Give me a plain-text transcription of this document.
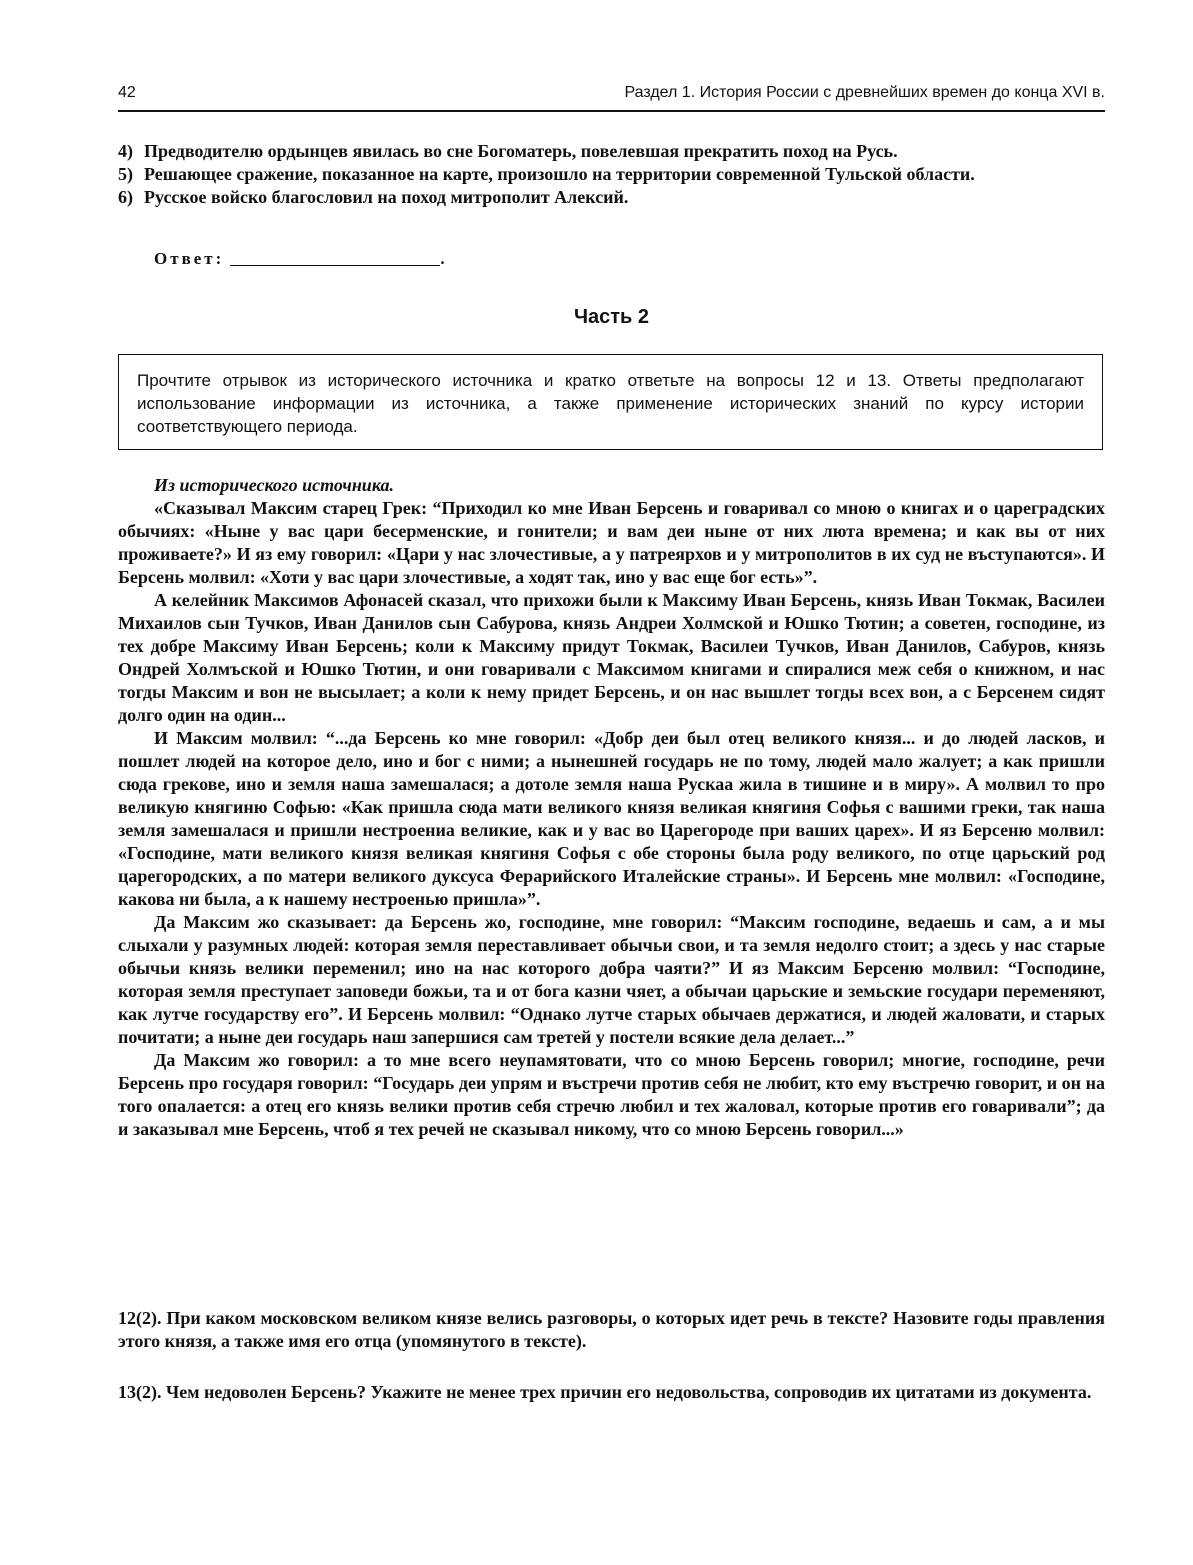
42	Раздел 1. История России с древнейших времен до конца XVI в.
4) Предводителю ордынцев явилась во сне Богоматерь, повелевшая прекратить поход на Русь.
5) Решающее сражение, показанное на карте, произошло на территории современной Тульской области.
6) Русское войско благословил на поход митрополит Алексий.
Ответ:	.
Часть 2
Прочтите отрывок из исторического источника и кратко ответьте на вопросы 12 и 13. Ответы предполагают использование информации из источника, а также применение исторических знаний по курсу истории соответствующего периода.

Из исторического источника.

«Сказывал Максим старец Грек: “Приходил ко мне Иван Берсень и говаривал со мною о книгах и о цареградских обычиях: «Ныне у вас цари бесерменские, и гонители; и вам деи ныне от них люта времена; и как вы от них проживаете?» И яз ему говорил: «Цари у нас злочестивые, а у патреярхов и у митрополитов в их суд не въступаются». И Берсень молвил: «Хоти у вас цари злочестивые, а ходят так, ино у вас еще бог есть»”.

А келейник Максимов Афонасей сказал, что прихожи были к Максиму Иван Берсень, князь Иван Токмак, Василеи Михаилов сын Тучков, Иван Данилов сын Сабурова, князь Андреи Холмской и Юшко Тютин; а советен, господине, из тех добре Максиму Иван Берсень; коли к Максиму придут Токмак, Василеи Тучков, Иван Данилов, Сабуров, князь Ондрей Холмъской и Юшко Тютин, и они говаривали с Максимом книгами и спиралися меж себя о книжном, и нас тогды Максим и вон не высылает; а коли к нему придет Берсень, и он нас вышлет тогды всех вон, а с Берсенем сидят долго один на один...

И Максим молвил: “...да Берсень ко мне говорил: «Добр деи был отец великого князя... и до людей ласков, и пошлет людей на которое дело, ино и бог с ними; а нынешней государь не по тому, людей мало жалует; а как пришли сюда грекове, ино и земля наша замешалася; а дотоле земля наша Рускаа жила в тишине и в миру». А молвил то про великую княгиню Софью: «Как пришла сюда мати великого князя великая княгиня Софья с вашими греки, так наша земля замешалася и пришли нестроениа великие, как и у вас во Цaрегороде при ваших царех». И яз Берсеню молвил: «Господине, мати великого князя великая княгиня Софья с обе стороны была роду великого, по отце царьский род царегородских, а по матери великого дуксуса Ферарийского Италейские страны». И Берсень мне молвил: «Господине, какова ни была, а к нашему нестроенью пришла»”.

Да Максим жо сказывает: да Берсень жо, господине, мне говорил: “Максим господине, ведаешь и сам, а и мы слыхали у разумных людей: которая земля переставливает обычьи свои, и та земля недолго стоит; а здесь у нас старые обычьи князь велики переменил; ино на нас которого добра чаяти?” И яз Максим Берсеню молвил: “Господине, которая земля преступает заповеди божьи, та и от бога казни чяет, а обычаи царьские и земьские государи переменяют, как лутче государству его”. И Берсень молвил: “Однако лутче старых обычаев держатися, и людей жаловати, и старых почитати; а ныне деи государь наш запершися сам третей у постели всякие дела делает...”

Да Максим жо говорил: а то мне всего неупамятовати, что со мною Берсень говорил; многие, господине, речи Берсень про государя говорил: “Государь деи упрям и въстречи против себя не любит, кто ему въстречю говорит, и он на того опалается: а отец его князь велики против себя стречю любил и тех жаловал, которые против его говаривали”; да и заказывал мне Берсень, чтоб я тех речей не сказывал никому, что со мною Берсень говорил...»

12(2). При каком московском великом князе велись разговоры, о которых идет речь в тексте? Назовите годы правления этого князя, а также имя его отца (упомянутого в тексте).
13(2). Чем недоволен Берсень? Укажите не менее трех причин его недовольства, сопроводив их цитатами из документа.
